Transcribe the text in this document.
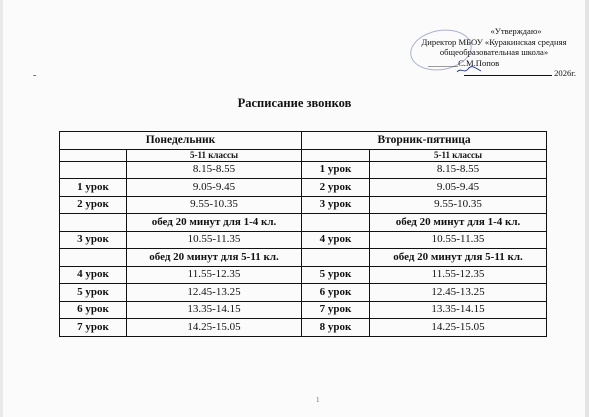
«Утверждаю»
Директор МБОУ «Куракинская средняя
общеобразовательная школа»
_______С.М.Попов
2026г.
-
Расписание звонков
Понедельник		Вторник-пятница	
	5-11 классы		5-11 классы
	8.15-8.55	1 урок	8.15-8.55
1 урок	9.05-9.45	2 урок	9.05-9.45
2 урок	9.55-10.35	3 урок	9.55-10.35
	обед 20 минут для 1-4 кл.		обед 20 минут для 1-4 кл.
3 урок	10.55-11.35	4 урок	10.55-11.35
	обед 20 минут для 5-11 кл.		обед 20 минут для 5-11 кл.
4 урок	11.55-12.35	5 урок	11.55-12.35
5 урок	12.45-13.25	6 урок	12.45-13.25
6 урок	13.35-14.15	7 урок	13.35-14.15
7 урок	14.25-15.05	8 урок	14.25-15.05
1
